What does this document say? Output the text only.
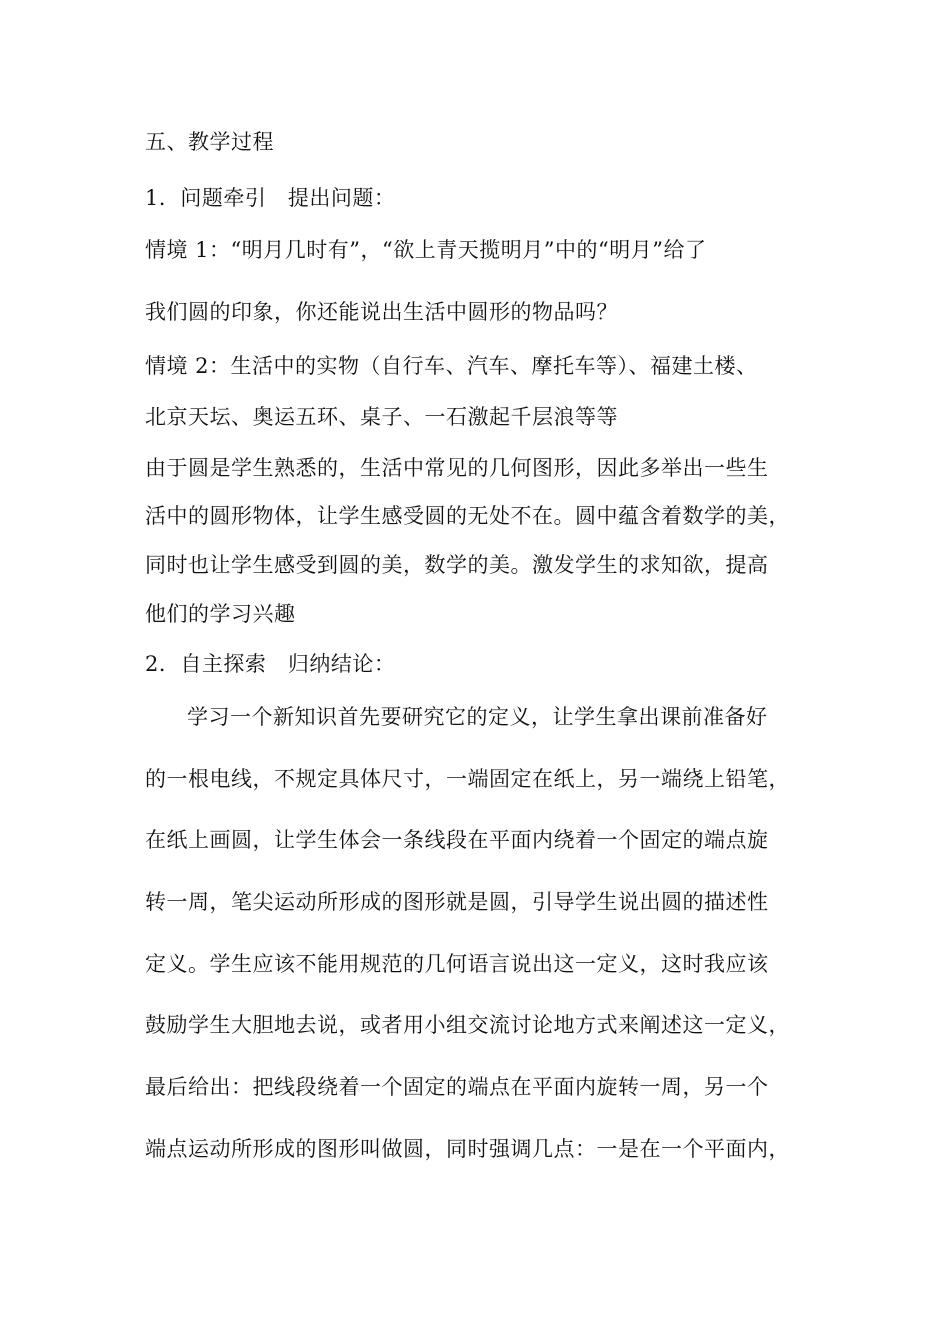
五、教学过程
1．问题牵引　提出问题：
情境 1：“明月几时有”，“欲上青天揽明月”中的“明月”给了
我们圆的印象，你还能说出生活中圆形的物品吗？
情境 2：生活中的实物（自行车、汽车、摩托车等）、福建土楼、
北京天坛、奥运五环、桌子、一石激起千层浪等等
由于圆是学生熟悉的，生活中常见的几何图形，因此多举出一些生
活中的圆形物体，让学生感受圆的无处不在。圆中蕴含着数学的美，
同时也让学生感受到圆的美，数学的美。激发学生的求知欲，提高
他们的学习兴趣
2．自主探索　归纳结论：
学习一个新知识首先要研究它的定义，让学生拿出课前准备好
的一根电线，不规定具体尺寸，一端固定在纸上，另一端绕上铅笔，
在纸上画圆，让学生体会一条线段在平面内绕着一个固定的端点旋
转一周，笔尖运动所形成的图形就是圆，引导学生说出圆的描述性
定义。学生应该不能用规范的几何语言说出这一定义，这时我应该
鼓励学生大胆地去说，或者用小组交流讨论地方式来阐述这一定义，
最后给出：把线段绕着一个固定的端点在平面内旋转一周，另一个
端点运动所形成的图形叫做圆，同时强调几点：一是在一个平面内，
